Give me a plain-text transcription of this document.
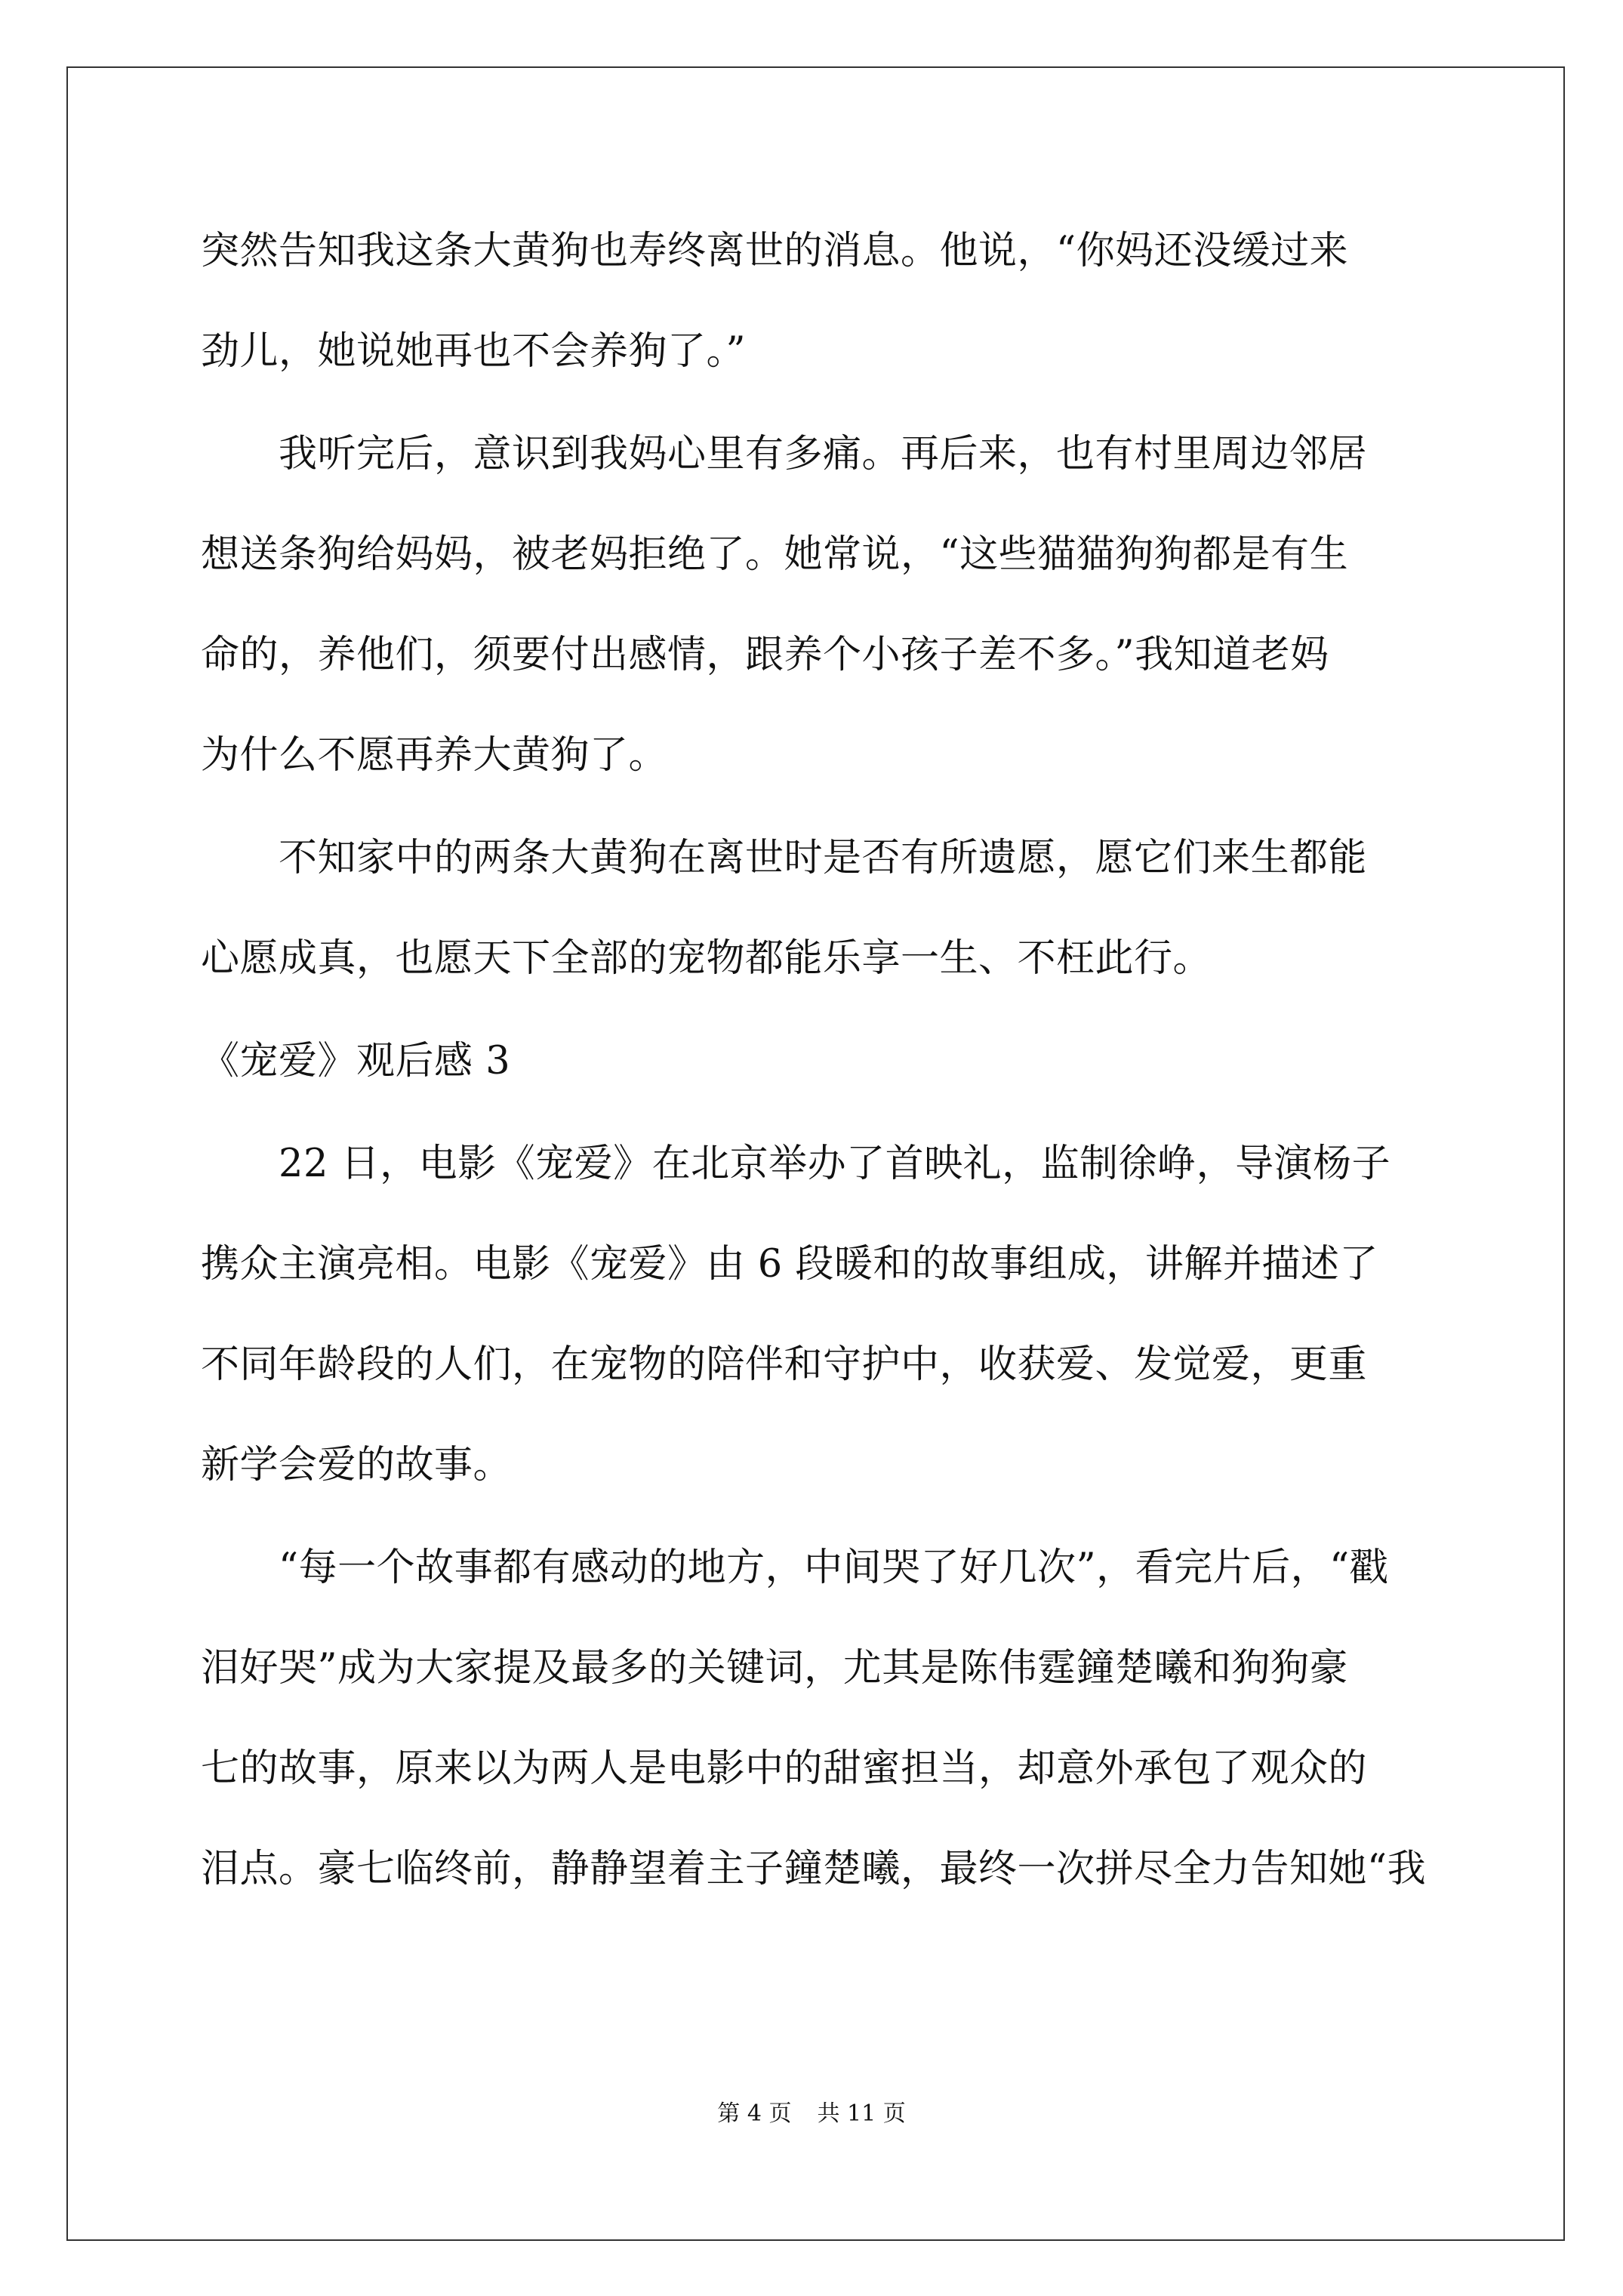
突然告知我这条大黄狗也寿终离世的消息。他说，“你妈还没缓过来
劲儿，她说她再也不会养狗了。”
　　我听完后，意识到我妈心里有多痛。再后来，也有村里周边邻居
想送条狗给妈妈，被老妈拒绝了。她常说，“这些猫猫狗狗都是有生
命的，养他们，须要付出感情，跟养个小孩子差不多。”我知道老妈
为什么不愿再养大黄狗了。
　　不知家中的两条大黄狗在离世时是否有所遗愿，愿它们来生都能
心愿成真，也愿天下全部的宠物都能乐享一生、不枉此行。
《宠爱》观后感 3
　　22 日，电影《宠爱》在北京举办了首映礼，监制徐峥，导演杨子
携众主演亮相。电影《宠爱》由 6 段暖和的故事组成，讲解并描述了
不同年龄段的人们，在宠物的陪伴和守护中，收获爱、发觉爱，更重
新学会爱的故事。
　　“每一个故事都有感动的地方，中间哭了好几次”，看完片后，“戳
泪好哭”成为大家提及最多的关键词，尤其是陈伟霆鐘楚曦和狗狗豪
七的故事，原来以为两人是电影中的甜蜜担当，却意外承包了观众的
泪点。豪七临终前，静静望着主子鐘楚曦，最终一次拼尽全力告知她“我
第 4 页 共 11 页
